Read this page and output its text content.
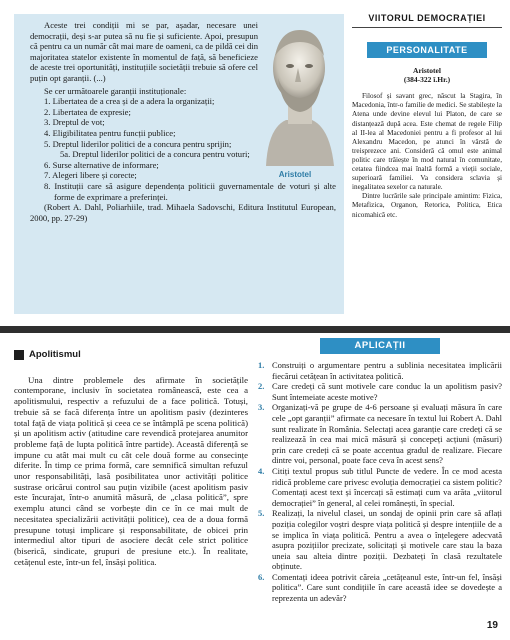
Aristotel

Aceste trei condiții mi se par, așadar, necesare unei democrații, deși s-ar putea să nu fie și suficiente. Apoi, presupun că pentru ca un număr cât mai mare de oameni, ca de pildă cei din majoritatea statelor existente în momentul de față, să beneficieze de aceste trei oportunități, instituțiile societății trebuie să ofere cel puțin opt garanții. (...)

Se cer următoarele garanții instituționale:

1. Libertatea de a crea și de a adera la organizații;
2. Libertatea de expresie;
3. Dreptul de vot;
4. Eligibilitatea pentru funcții publice;
5. Dreptul liderilor politici de a concura pentru sprijin;
5a. Dreptul liderilor politici de a concura pentru voturi;
6. Surse alternative de informare;
7. Alegeri libere și corecte;
8. Instituții care să asigure dependența politicii guvernamentale de voturi și alte forme de exprimare a preferinței.

(Robert A. Dahl, Poliarhiile, trad. Mihaela Sadovschi, Editura Institutul European, 2000, pp. 27-29)

VIITORUL DEMOCRAȚIEI
PERSONALITATE
Aristotel
(384-322 î.Hr.)

Filosof și savant grec, născut la Stagira, în Macedonia, într-o familie de medici. Se stabilește la Atena unde devine elevul lui Platon, de care se distanțează după acea. Este chemat de regele Filip al II-lea al Macedoniei pentru a fi profesor al lui Alexandru Macedon, pe atunci în vârstă de treisprezece ani. Consideră că omul este animal politic care trăiește în mod natural în comunitate, cetatea fiindcea mai înaltă formă a vieții sociale, superioară familiei. Va considera sclavia și inegalitatea sexelor ca naturale.

Dintre lucrările sale principale amintim: Fizica, Metafizica, Organon, Retorica, Politica, Etica nicomahică etc.

Apolitismul

Una dintre problemele des afirmate în societățile contemporane, inclusiv în societatea românească, este cea a apolitismului, respectiv a refuzului de a face politică. Totuși, trebuie să se facă diferența între un apolitism pasiv (dezinteres total față de viața politică și ceea ce se întâmplă pe scena politică) și un apolitism activ (atitudine care revendică protejarea anumitor probleme față de lupta politică între partide). Această diferență se impune cu atât mai mult cu cât cele două forme au consecințe diferite. În timp ce prima formă, care semnifică simultan refuzul unor responsabilități, lasă posibilitatea unor activități politice sustrase oricărui control sau puțin vizibile (acest apolitism pasiv este încurajat, într-o anumită măsură, de „clasa politică”, spre exemplu atunci când se vorbește din ce în ce mai mult de necesitatea specializării activității politice), cea de a doua formă presupune totuși implicare și responsabilitate, de obicei prin intermediul altor tipuri de asociere decât cele strict politice (biserică, sindicate, grupuri de presiune etc.). În realitate, cetățenul este, într-un fel, însăși politica.

APLICAȚII
1. Construiți o argumentare pentru a sublinia necesitatea implicării fiecărui cetățean în activitatea politică.
2. Care credeți că sunt motivele care conduc la un apolitism pasiv? Sunt întemeiate aceste motive?
3. Organizați-vă pe grupe de 4-6 persoane și evaluați măsura în care cele „opt garanții” afirmate ca necesare în textul lui Robert A. Dahl sunt realizate în România. Selectați acea garanție care credeți că se realizează în cea mai mică măsură și concepeți acțiuni (măsuri) prin care credeți că se poate accentua gradul de realizare. Fiecare dintre voi, personal, poate face ceva în acest sens?
4. Citiți textul propus sub titlul Puncte de vedere. În ce mod acesta ridică probleme care privesc evoluția democrației ca sistem politic? Comentați acest text și încercați să estimați cum va arăta „viitorul democrației” în general, al celei românești, în special.
5. Realizați, la nivelul clasei, un sondaj de opinii prin care să aflați poziția colegilor voștri despre viața politică și despre intențiile de a se implica în viața politică. Pentru a avea o înțelegere adecvată asupra pozițiilor precizate, solicitați și motivele care stau la baza uneia sau alteia dintre poziții. Dezbateți în clasă rezultatele obținute.
6. Comentați ideea potrivit căreia „cetățeanul este, într-un fel, însăși politica”. Care sunt condițiile în care această idee se dovedește a reprezenta un adevăr?
19
